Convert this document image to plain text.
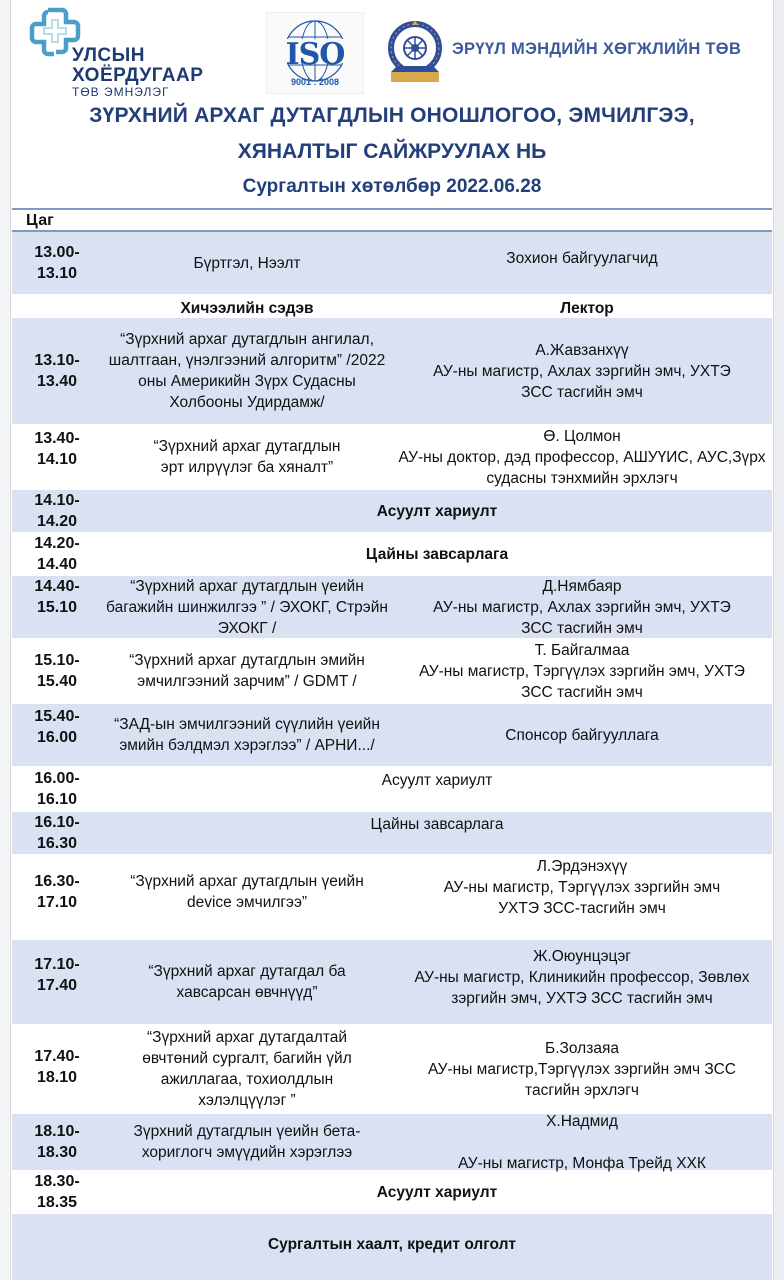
УЛСЫН
ХОЁРДУГААР
ТӨВ ЭМНЭЛЭГ
ISO
9001 : 2008
ЭРҮҮЛ МЭНДИЙН ХӨГЖЛИЙН ТӨВ
ЗҮРХНИЙ АРХАГ ДУТАГДЛЫН ОНОШЛОГОО, ЭМЧИЛГЭЭ,
ХЯНАЛТЫГ САЙЖРУУЛАХ НЬ
Сургалтын хөтөлбөр 2022.06.28
Цаг
13.00-
13.10
Бүртгэл, Нээлт	Зохион байгуулагчид
Хичээлийн сэдэв	Лектор
13.10-
13.40
“Зүрхний архаг дутагдлын ангилал, шалтгаан, үнэлгээний алгоритм” /2022 оны Америкийн Зүрх Судасны Холбооны Удирдамж/
А.Жавзанхүү
АУ-ны магистр, Ахлах зэргийн эмч, УХТЭ ЗСС тасгийн эмч
13.40-
14.10
“Зүрхний архаг дутагдлын эрт илрүүлэг ба хяналт”
Ө. Цолмон
АУ-ны доктор, дэд профессор, АШУҮИС, АУС,Зүрх судасны тэнхмийн эрхлэгч
14.10-
14.20
Асуулт хариулт
14.20-
14.40
Цайны завсарлага
14.40-
15.10
“Зүрхний архаг дутагдлын үеийн багажийн шинжилгээ ” / ЭХОКГ, Стрэйн ЭХОКГ /
Д.Нямбаяр
АУ-ны магистр, Ахлах зэргийн эмч, УХТЭ ЗСС тасгийн эмч
15.10-
15.40
“Зүрхний архаг дутагдлын эмийн эмчилгээний зарчим” / GDMT /
Т. Байгалмаа
АУ-ны магистр, Тэргүүлэх зэргийн эмч, УХТЭ ЗСС тасгийн эмч
15.40-
16.00
“ЗАД-ын эмчилгээний сүүлийн үеийн эмийн бэлдмэл хэрэглээ” / АРНИ.../
Спонсор байгууллага
16.00-
16.10
Асуулт хариулт
16.10-
16.30
Цайны завсарлага
16.30-
17.10
“Зүрхний архаг дутагдлын үеийн device эмчилгээ”
Л.Эрдэнэхүү
АУ-ны магистр, Тэргүүлэх зэргийн эмч УХТЭ ЗСС-тасгийн эмч
17.10-
17.40
“Зүрхний архаг дутагдал ба хавсарсан өвчнүүд”
Ж.Оюунцэцэг
АУ-ны магистр, Клиникийн профессор, Зөвлөх зэргийн эмч, УХТЭ ЗСС тасгийн эмч
17.40-
18.10
“Зүрхний архаг дутагдалтай өвчтөний сургалт, багийн үйл ажиллагаа, тохиолдлын хэлэлцүүлэг ”
Б.Золзаяа
АУ-ны магистр,Тэргүүлэх зэргийн эмч ЗСС тасгийн эрхлэгч
18.10-
18.30
Зүрхний дутагдлын үеийн бета-хориглогч эмүүдийн хэрэглээ
Х.Надмид

АУ-ны магистр, Монфа Трейд ХХК
18.30-
18.35
Асуулт хариулт
Сургалтын хаалт, кредит олголт
